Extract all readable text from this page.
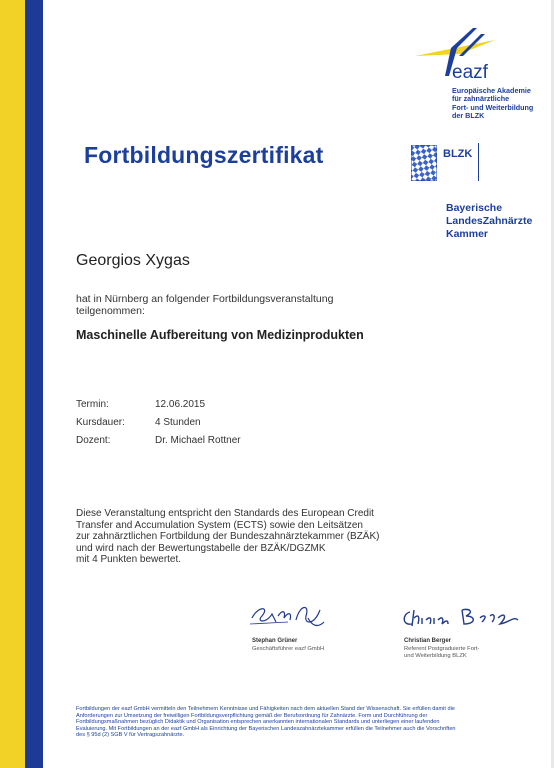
eazf
Europäische Akademie
für zahnärztliche
Fort- und Weiterbildung
der BLZK
Fortbildungszertifikat	BLZK
Bayerische
LandesZahnärzte
Kammer
Georgios Xygas
hat in Nürnberg an folgender Fortbildungsveranstaltung
teilgenommen:
Maschinelle Aufbereitung von Medizinprodukten
Termin:	12.06.2015
Kursdauer:	4 Stunden
Dozent:	Dr. Michael Rottner
Diese Veranstaltung entspricht den Standards des European Credit
Transfer and Accumulation System (ECTS) sowie den Leitsätzen
zur zahnärztlichen Fortbildung der Bundeszahnärztekammer (BZÄK)
und wird nach der Bewertungstabelle der BZÄK/DGZMK
mit 4 Punkten bewertet.
Stephan Grüner
Geschäftsführer eazf GmbH
Christian Berger
Referent Postgraduierte Fort-
und Weiterbildung BLZK
Fortbildungen der eazf GmbH vermitteln den Teilnehmern Kenntnisse und Fähigkeiten nach dem aktuellen Stand der Wissenschaft. Sie erfüllen damit die
Anforderungen zur Umsetzung der freiwilligen Fortbildungsverpflichtung gemäß der Berufsordnung für Zahnärzte. Form und Durchführung der
Fortbildungsmaßnahmen bezüglich Didaktik und Organisation entsprechen anerkannten internationalen Standards und unterliegen einer laufenden
Evaluierung. Mit Fortbildungen an der eazf GmbH als Einrichtung der Bayerischen Landeszahnärztekammer erfüllen die Teilnehmer auch die Vorschriften
des § 95d (2) SGB V für Vertragszahnärzte.
